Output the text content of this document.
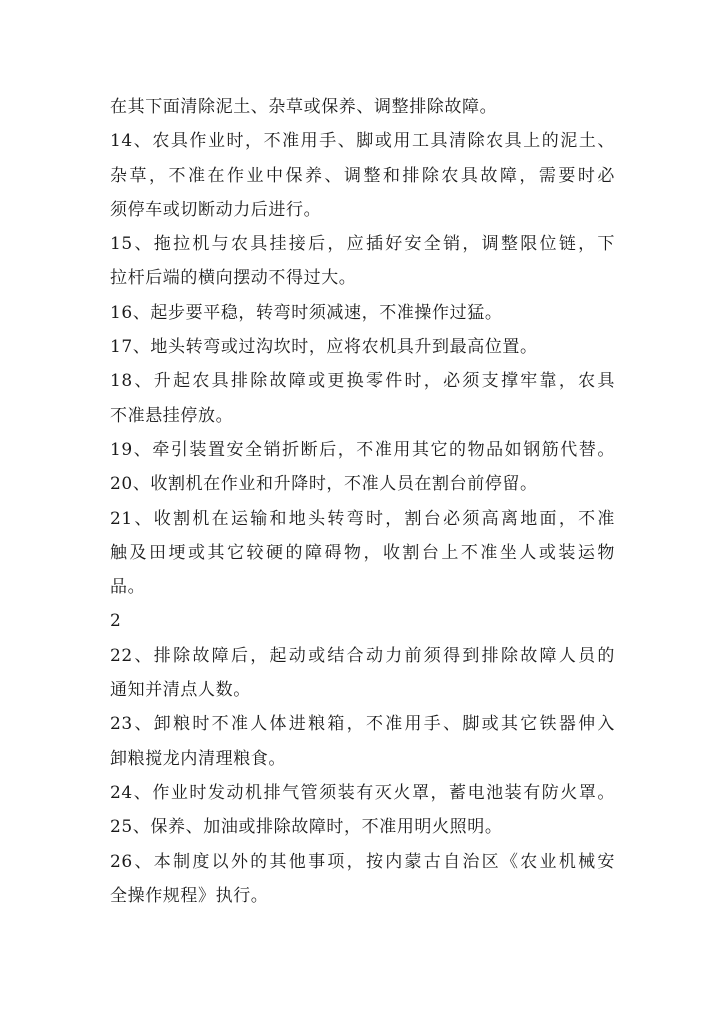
在其下面清除泥土、杂草或保养、调整排除故障。
14、农具作业时，不准用手、脚或用工具清除农具上的泥土、
杂草，不准在作业中保养、调整和排除农具故障，需要时必
须停车或切断动力后进行。
15、拖拉机与农具挂接后，应插好安全销，调整限位链，下
拉杆后端的横向摆动不得过大。
16、起步要平稳，转弯时须减速，不准操作过猛。
17、地头转弯或过沟坎时，应将农机具升到最高位置。
18、升起农具排除故障或更换零件时，必须支撑牢靠，农具
不准悬挂停放。
19、牵引装置安全销折断后，不准用其它的物品如钢筋代替。
20、收割机在作业和升降时，不准人员在割台前停留。
21、收割机在运输和地头转弯时，割台必须高离地面，不准
触及田埂或其它较硬的障碍物，收割台上不准坐人或装运物
品。
2
22、排除故障后，起动或结合动力前须得到排除故障人员的
通知并清点人数。
23、卸粮时不准人体进粮箱，不准用手、脚或其它铁器伸入
卸粮搅龙内清理粮食。
24、作业时发动机排气管须装有灭火罩，蓄电池装有防火罩。
25、保养、加油或排除故障时，不准用明火照明。
26、本制度以外的其他事项，按内蒙古自治区《农业机械安
全操作规程》执行。
